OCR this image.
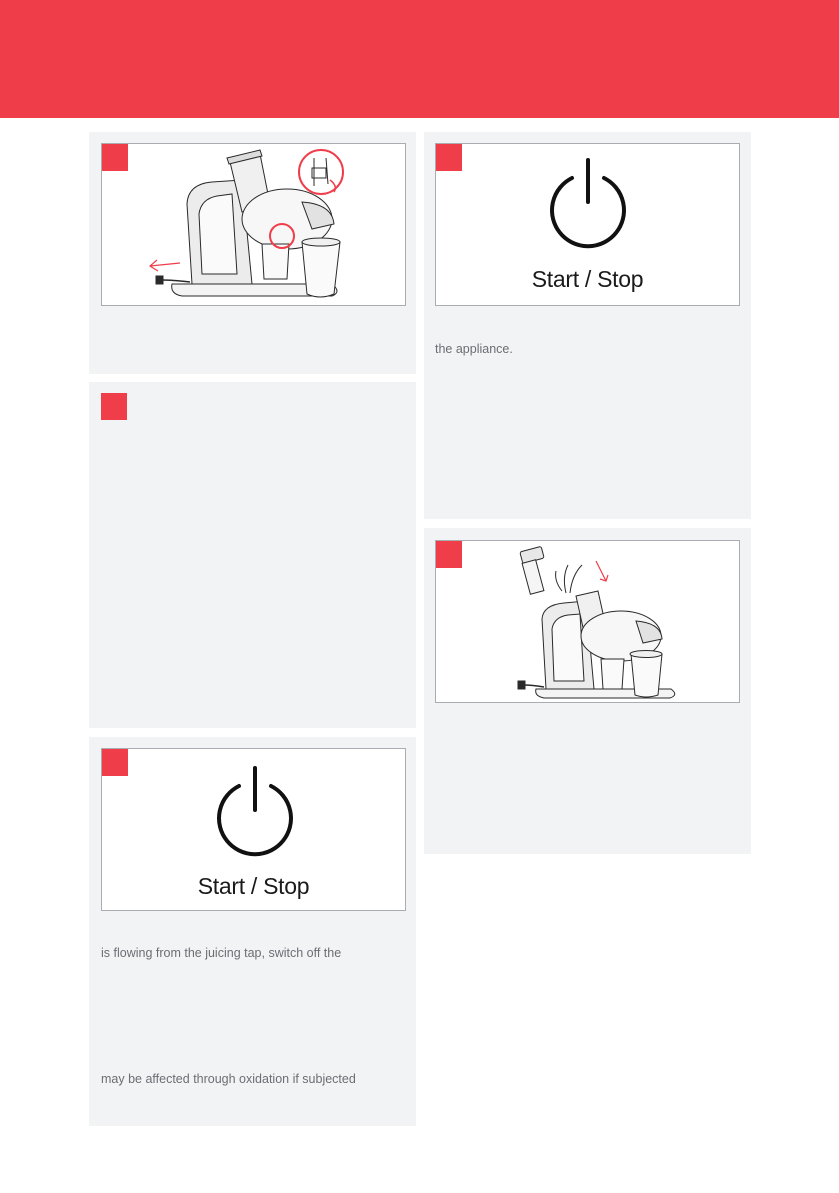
Start / Stop

is flowing from the juicing tap, switch off the

may be affected through oxidation if subjected

Start / Stop

the appliance.
